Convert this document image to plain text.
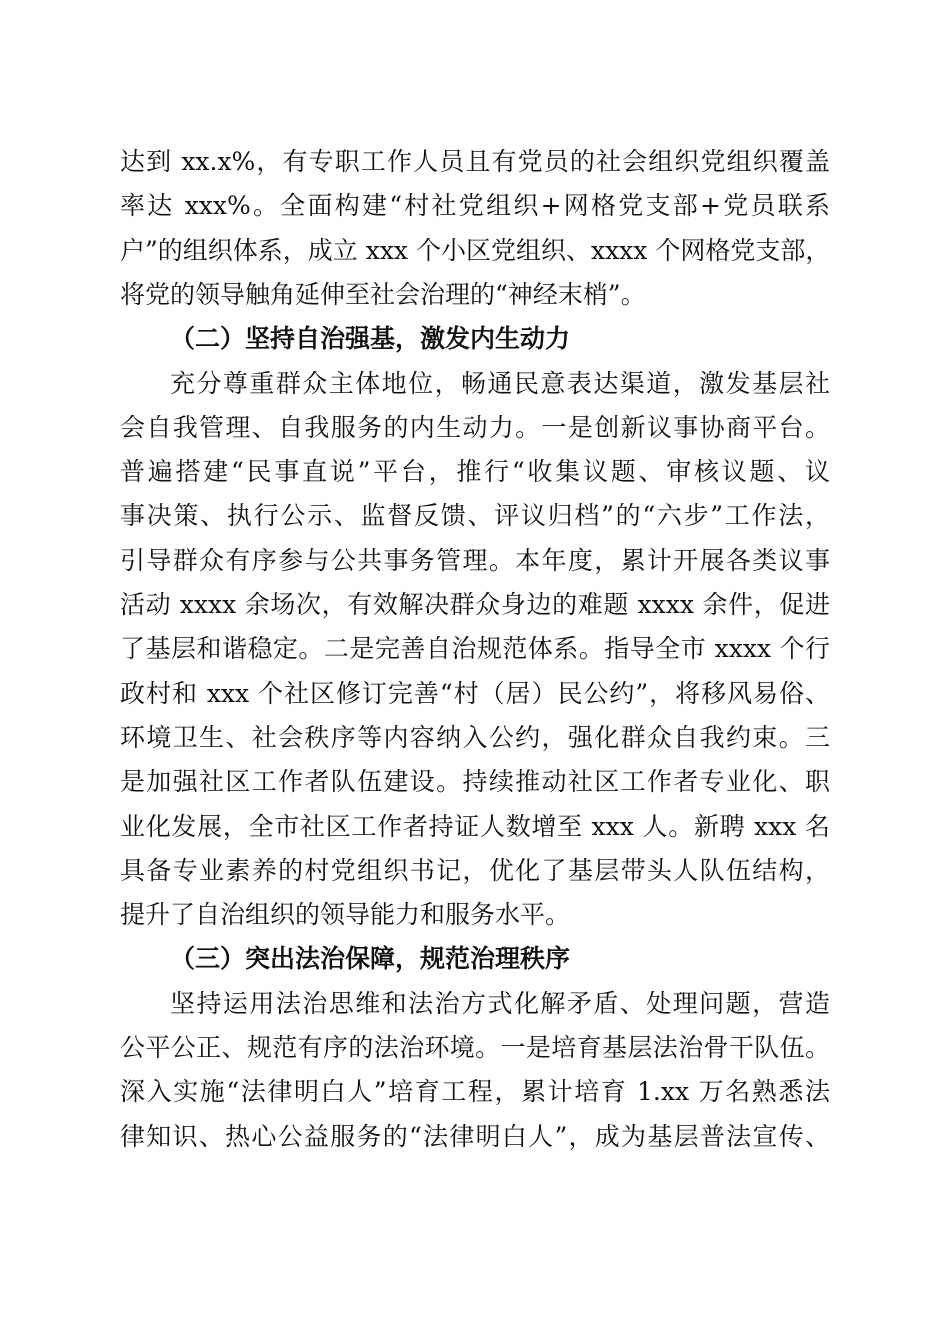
达到 xx.x%，有专职工作人员且有党员的社会组织党组织覆盖
率达 xxx%。全面构建“村社党组织+网格党支部+党员联系
户”的组织体系，成立 xxx 个小区党组织、xxxx 个网格党支部，
将党的领导触角延伸至社会治理的“神经末梢”。
（二）坚持自治强基，激发内生动力
充分尊重群众主体地位，畅通民意表达渠道，激发基层社
会自我管理、自我服务的内生动力。一是创新议事协商平台。
普遍搭建“民事直说”平台，推行“收集议题、审核议题、议
事决策、执行公示、监督反馈、评议归档”的“六步”工作法，
引导群众有序参与公共事务管理。本年度，累计开展各类议事
活动 xxxx 余场次，有效解决群众身边的难题 xxxx 余件，促进
了基层和谐稳定。二是完善自治规范体系。指导全市 xxxx 个行
政村和 xxx 个社区修订完善“村（居）民公约”，将移风易俗、
环境卫生、社会秩序等内容纳入公约，强化群众自我约束。三
是加强社区工作者队伍建设。持续推动社区工作者专业化、职
业化发展，全市社区工作者持证人数增至 xxx 人。新聘 xxx 名
具备专业素养的村党组织书记，优化了基层带头人队伍结构，
提升了自治组织的领导能力和服务水平。
（三）突出法治保障，规范治理秩序
坚持运用法治思维和法治方式化解矛盾、处理问题，营造
公平公正、规范有序的法治环境。一是培育基层法治骨干队伍。
深入实施“法律明白人”培育工程，累计培育 1.xx 万名熟悉法
律知识、热心公益服务的“法律明白人”，成为基层普法宣传、
